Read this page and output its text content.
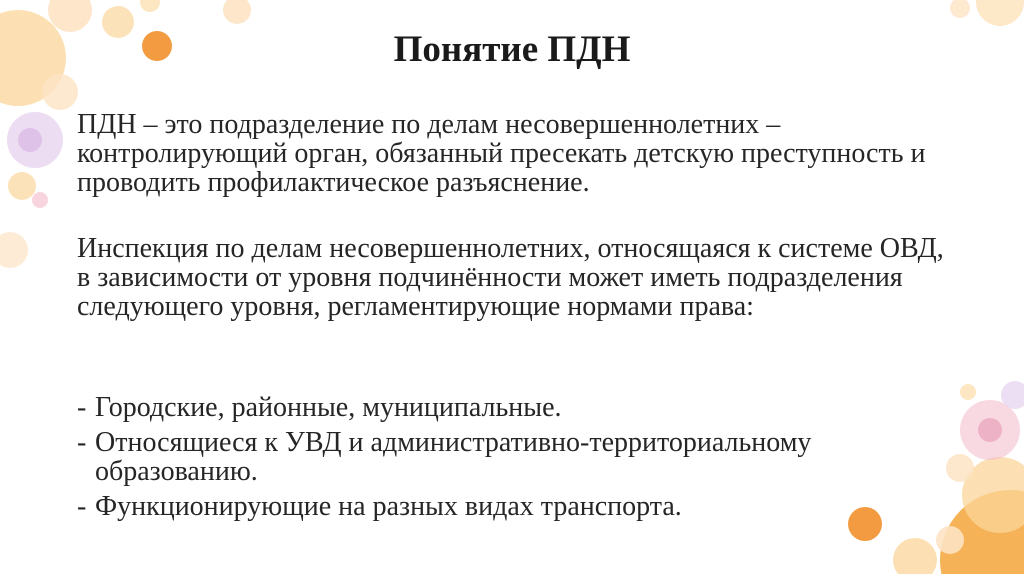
Понятие ПДН

ПДН – это подразделение по делам несовершеннолетних – контролирующий орган, обязанный пресекать детскую преступность и проводить профилактическое разъяснение.

Инспекция по делам несовершеннолетних, относящаяся к системе ОВД, в зависимости от уровня подчинённости может иметь подразделения следующего уровня, регламентирующие нормами права:

- Городские, районные, муниципальные.
- Относящиеся к УВД и административно-территориальному образованию.
- Функционирующие на разных видах транспорта.
